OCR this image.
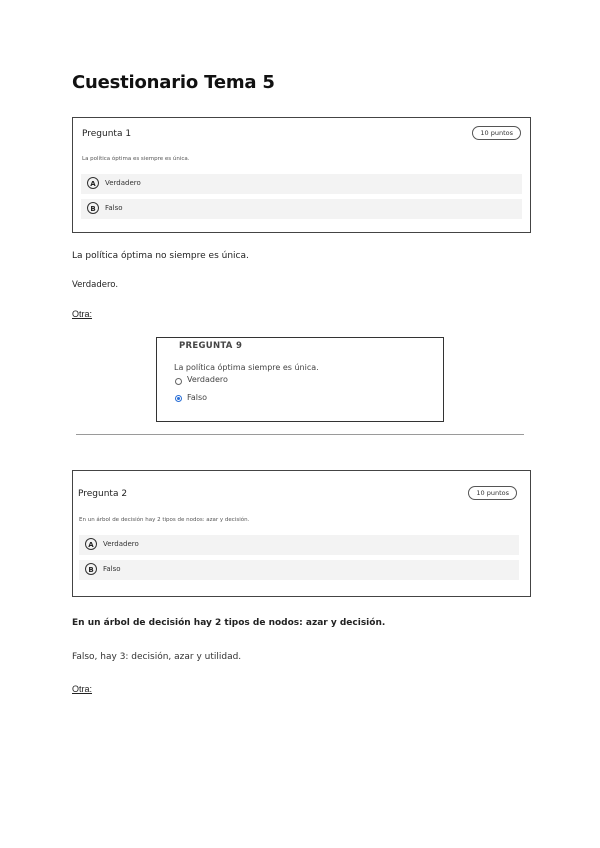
Cuestionario Tema 5
Pregunta 1	10 puntos
La política óptima es siempre es única.
A	Verdadero
B	Falso
La política óptima no siempre es única.
Verdadero.
Otra:
PREGUNTA 9
La política óptima siempre es única.
Verdadero
Falso
Pregunta 2	10 puntos
En un árbol de decisión hay 2 tipos de nodos: azar y decisión.
A	Verdadero
B	Falso
En un árbol de decisión hay 2 tipos de nodos: azar y decisión.
Falso, hay 3: decisión, azar y utilidad.
Otra:
